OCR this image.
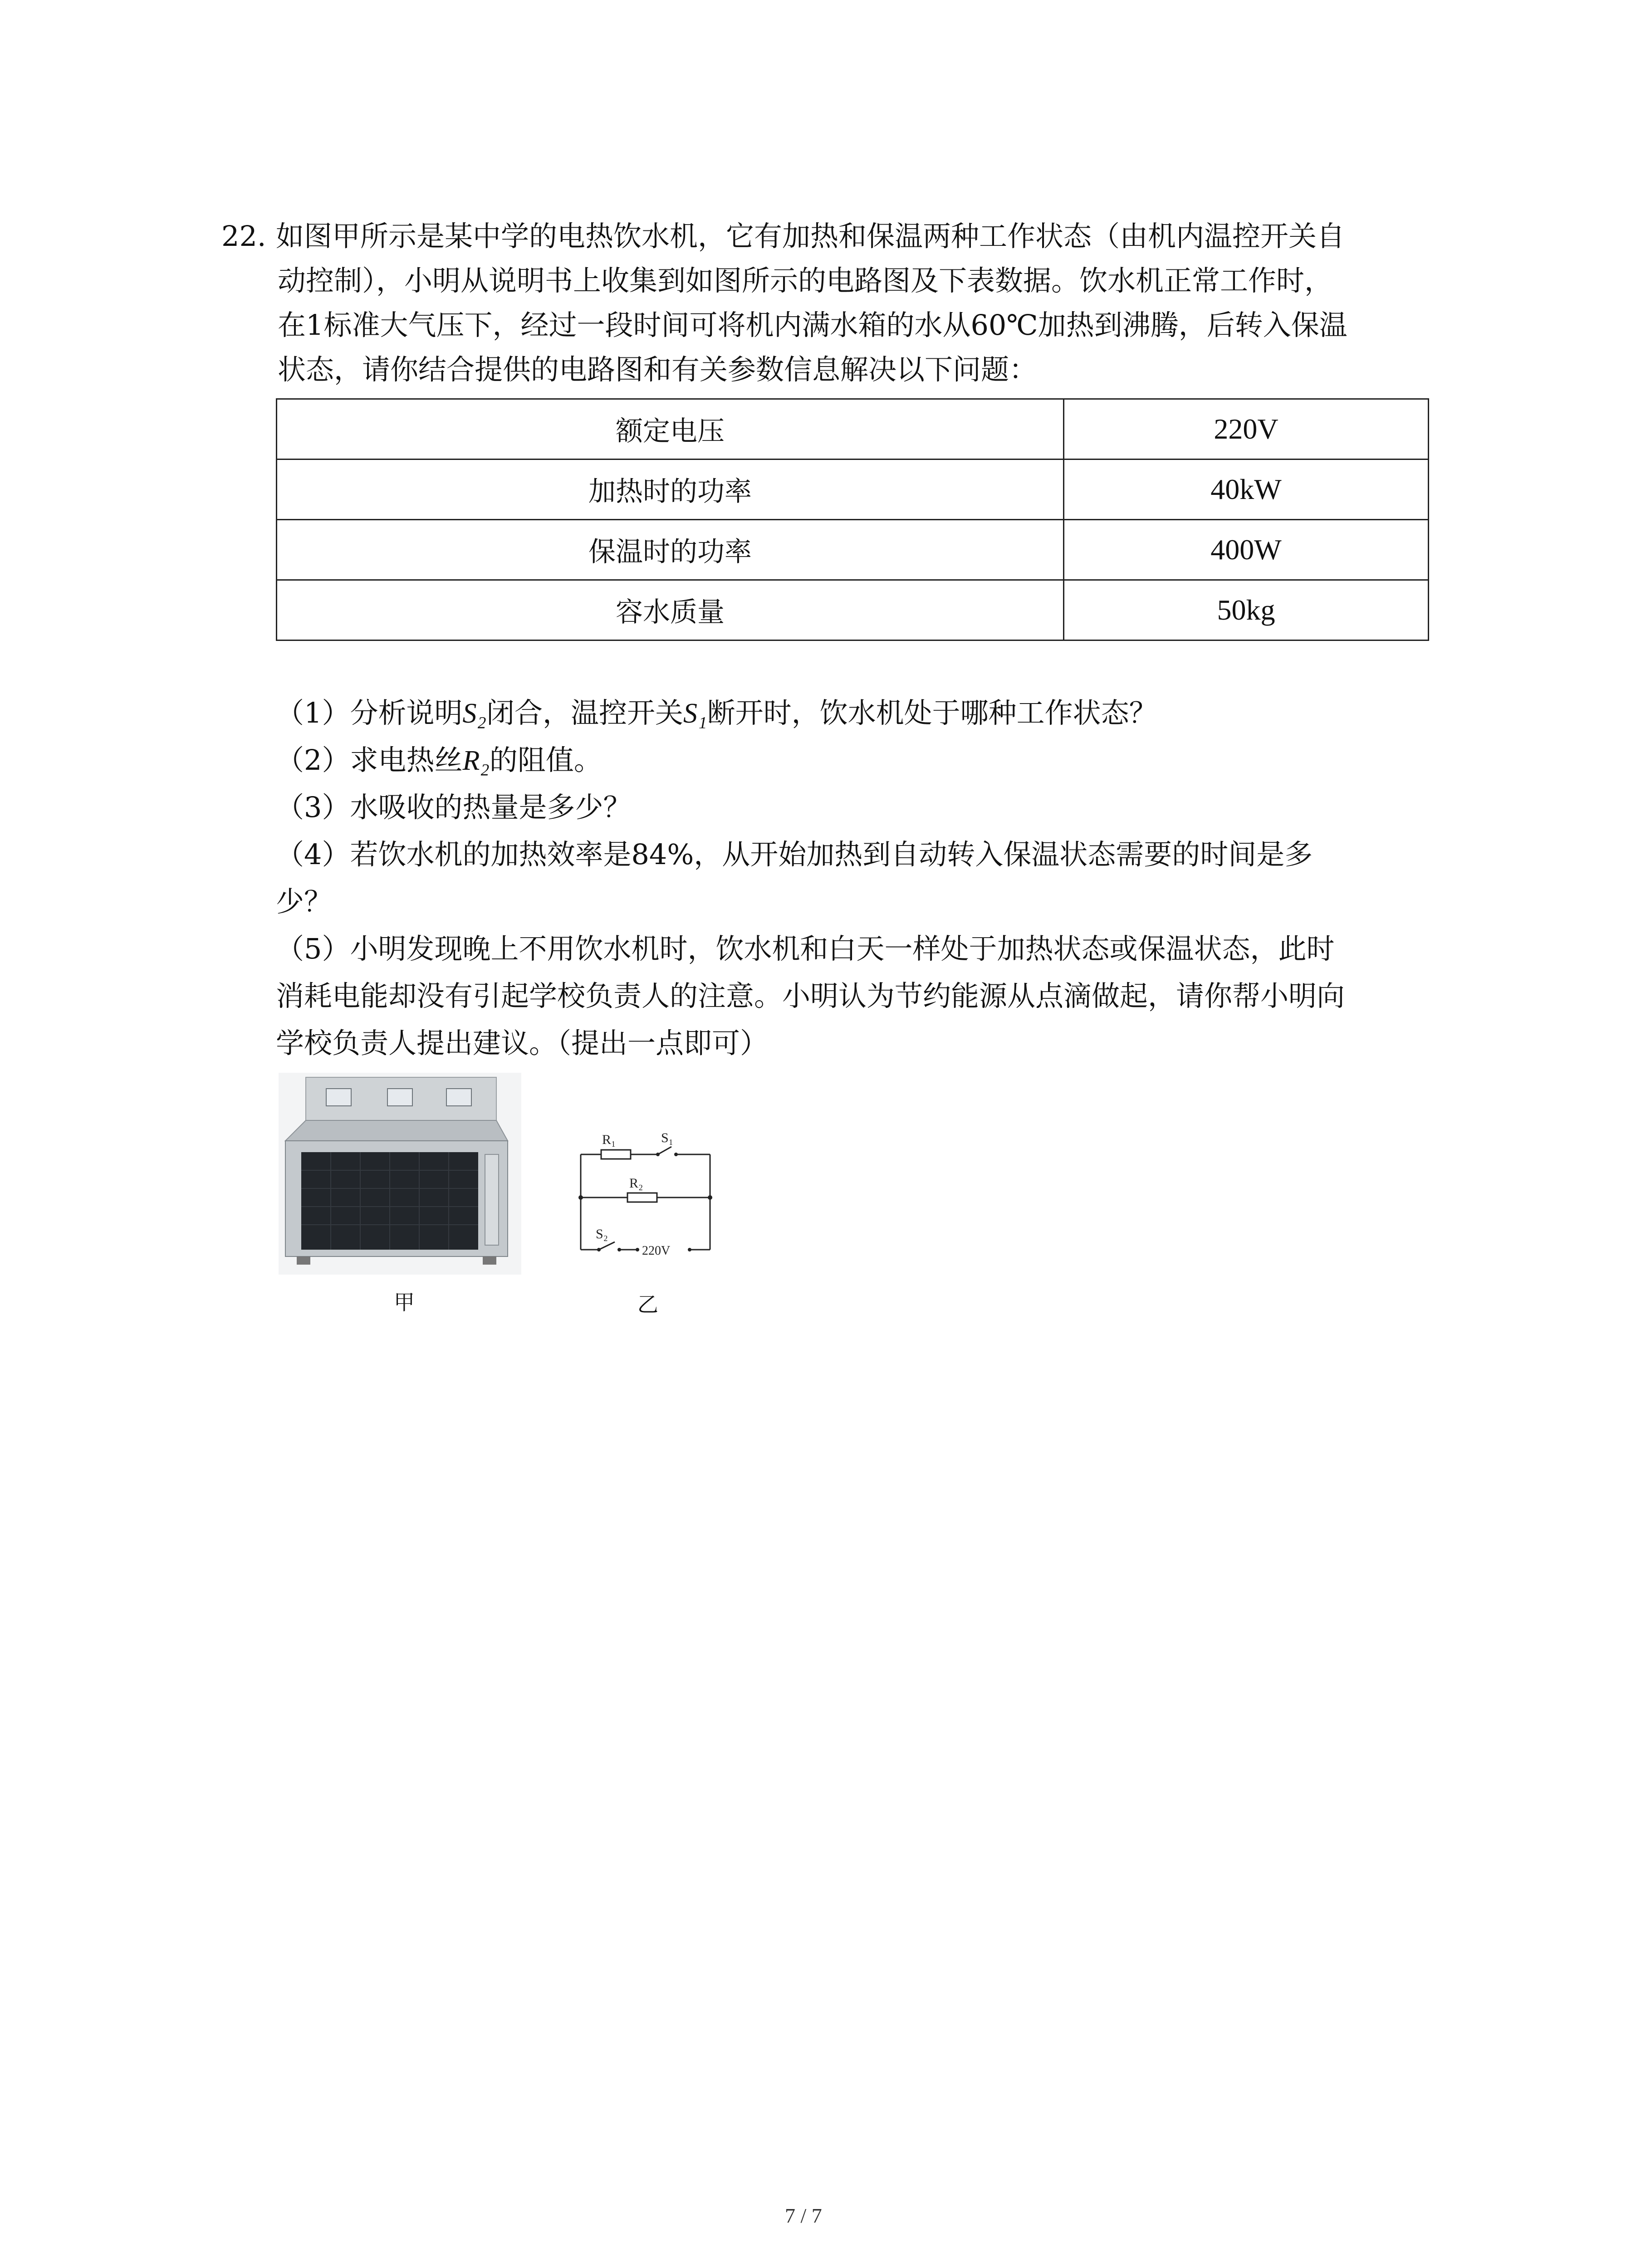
22. 如图甲所示是某中学的电热饮水机，它有加热和保温两种工作状态（由机内温控开关自
动控制），小明从说明书上收集到如图所示的电路图及下表数据。饮水机正常工作时，
在1标准大气压下，经过一段时间可将机内满水箱的水从60℃加热到沸腾，后转入保温
状态，请你结合提供的电路图和有关参数信息解决以下问题：
额定电压	220V
加热时的功率	40kW
保温时的功率	400W
容水质量	50kg
（1）分析说明S₂闭合，温控开关S₁断开时，饮水机处于哪种工作状态？
（2）求电热丝R₂的阻值。
（3）水吸收的热量是多少？
（4）若饮水机的加热效率是84%，从开始加热到自动转入保温状态需要的时间是多
少？
（5）小明发现晚上不用饮水机时，饮水机和白天一样处于加热状态或保温状态，此时
消耗电能却没有引起学校负责人的注意。小明认为节约能源从点滴做起，请你帮小明向
学校负责人提出建议。（提出一点即可）
R₁	S₁
R₂
S₂
220V
甲	乙
7 / 7
